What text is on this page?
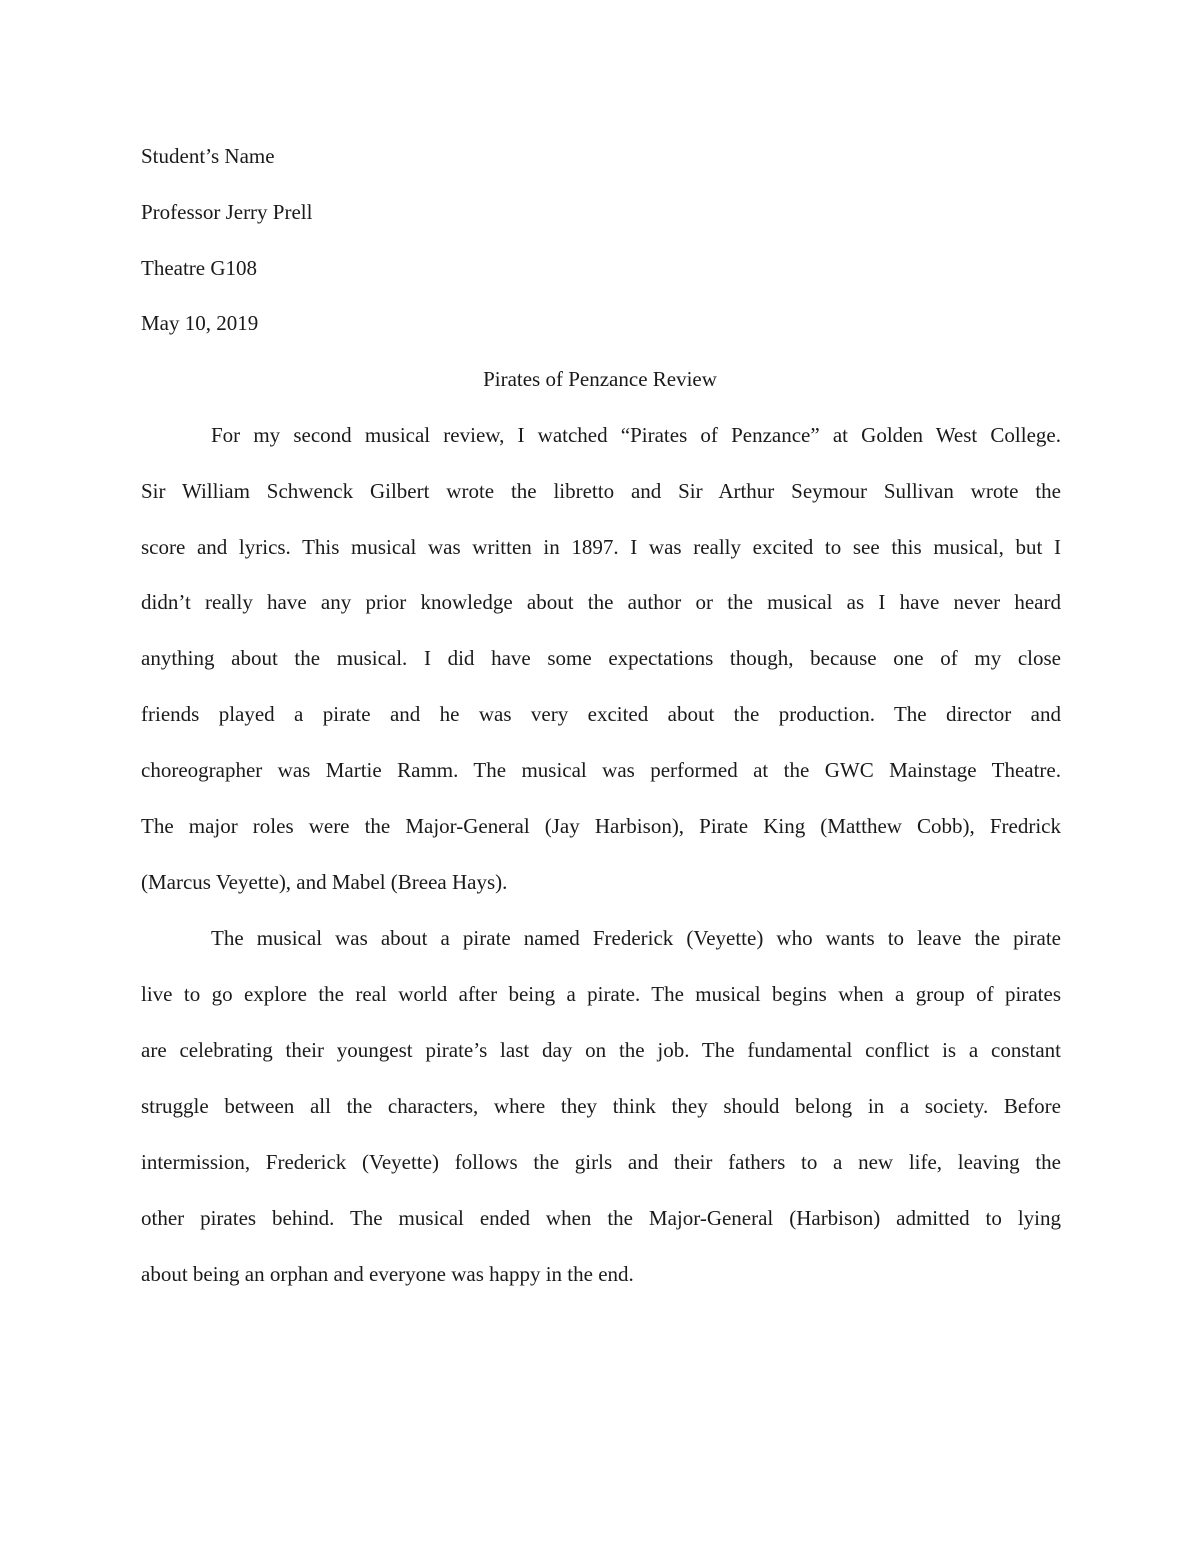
Student’s Name

Professor Jerry Prell

Theatre G108

May 10, 2019

Pirates of Penzance Review

For my second musical review, I watched “Pirates of Penzance” at Golden West College.

Sir William Schwenck Gilbert wrote the libretto and Sir Arthur Seymour Sullivan wrote the

score and lyrics. This musical was written in 1897. I was really excited to see this musical, but I

didn’t really have any prior knowledge about the author or the musical as I have never heard

anything about the musical. I did have some expectations though, because one of my close

friends played a pirate and he was very excited about the production. The director and

choreographer was Martie Ramm. The musical was performed at the GWC Mainstage Theatre.

The major roles were the Major-General (Jay Harbison), Pirate King (Matthew Cobb), Fredrick

(Marcus Veyette), and Mabel (Breea Hays).

The musical was about a pirate named Frederick (Veyette) who wants to leave the pirate

live to go explore the real world after being a pirate. The musical begins when a group of pirates

are celebrating their youngest pirate’s last day on the job. The fundamental conflict is a constant

struggle between all the characters, where they think they should belong in a society. Before

intermission, Frederick (Veyette) follows the girls and their fathers to a new life, leaving the

other pirates behind. The musical ended when the Major-General (Harbison) admitted to lying

about being an orphan and everyone was happy in the end.
